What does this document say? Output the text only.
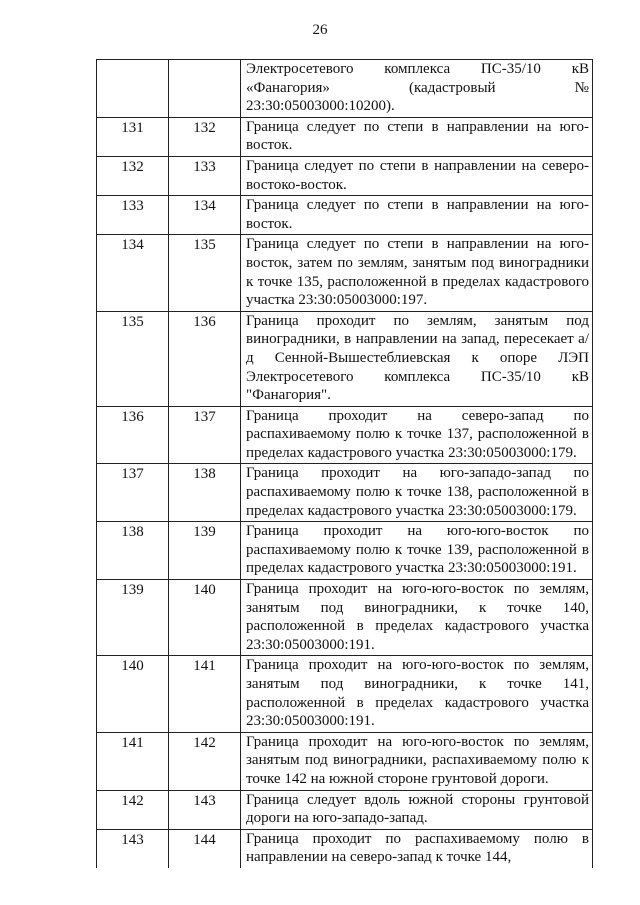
26
		Электросетевого комплекса ПС-35/10 кВ «Фанагория» (кадастровый № 23:30:05003000:10200).
131	132	Граница следует по степи в направлении на юго-восток.
132	133	Граница следует по степи в направлении на северо-востоко-восток.
133	134	Граница следует по степи в направлении на юго-восток.
134	135	Граница следует по степи в направлении на юго-восток, затем по землям, занятым под виноградники к точке 135, расположенной в пределах кадастрового участка 23:30:05003000:197.
135	136	Граница проходит по землям, занятым под виноградники, в направлении на запад, пересекает а/д Сенной-Вышестеблиевская к опоре ЛЭП Электросетевого комплекса ПС-35/10 кВ "Фанагория".
136	137	Граница проходит на северо-запад по распахиваемому полю к точке 137, расположенной в пределах кадастрового участка 23:30:05003000:179.
137	138	Граница проходит на юго-западо-запад по распахиваемому полю к точке 138, расположенной в пределах кадастрового участка 23:30:05003000:179.
138	139	Граница проходит на юго-юго-восток по распахиваемому полю к точке 139, расположенной в пределах кадастрового участка 23:30:05003000:191.
139	140	Граница проходит на юго-юго-восток по землям, занятым под виноградники, к точке 140, расположенной в пределах кадастрового участка 23:30:05003000:191.
140	141	Граница проходит на юго-юго-восток по землям, занятым под виноградники, к точке 141, расположенной в пределах кадастрового участка 23:30:05003000:191.
141	142	Граница проходит на юго-юго-восток по землям, занятым под виноградники, распахиваемому полю к точке 142 на южной стороне грунтовой дороги.
142	143	Граница следует вдоль южной стороны грунтовой дороги на юго-западо-запад.
143	144	Граница проходит по распахиваемому полю в направлении на северо-запад к точке 144,
